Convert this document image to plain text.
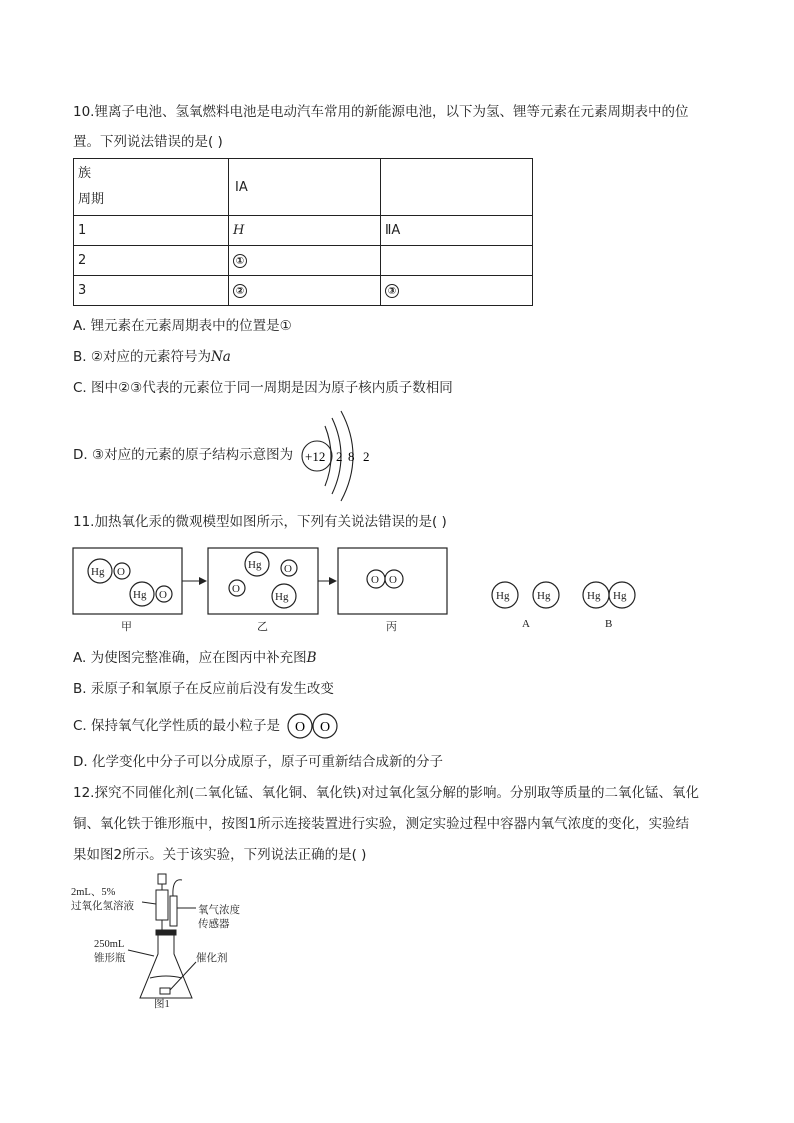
10.锂离子电池、氢氧燃料电池是电动汽车常用的新能源电池，以下为氢、锂等元素在元素周期表中的位
置。下列说法错误的是( )
族
周期	ⅠA	
1	H	ⅡA
2	①	
3	②	③
A. 锂元素在元素周期表中的位置是①
B. ②对应的元素符号为Na
C. 图中②③代表的元素位于同一周期是因为原子核内质子数相同
D. ③对应的元素的原子结构示意图为 +12 2 8 2
11.加热氧化汞的微观模型如图所示，下列有关说法错误的是( )
Hg O
Hg O
Hg O
O
Hg
O O
Hg	Hg	Hg Hg
甲	乙	丙	A	B
A. 为使图完整准确，应在图丙中补充图B
B. 汞原子和氧原子在反应前后没有发生改变
C. 保持氧气化学性质的最小粒子是 O O
D. 化学变化中分子可以分成原子，原子可重新结合成新的分子
12.探究不同催化剂(二氧化锰、氧化铜、氧化铁)对过氧化氢分解的影响。分别取等质量的二氧化锰、氧化
铜、氧化铁于锥形瓶中，按图1所示连接装置进行实验，测定实验过程中容器内氧气浓度的变化，实验结
果如图2所示。关于该实验，下列说法正确的是( )
2mL、5%
过氧化氢溶液	氧气浓度
传感器
250mL
锥形瓶	催化剂
图1
